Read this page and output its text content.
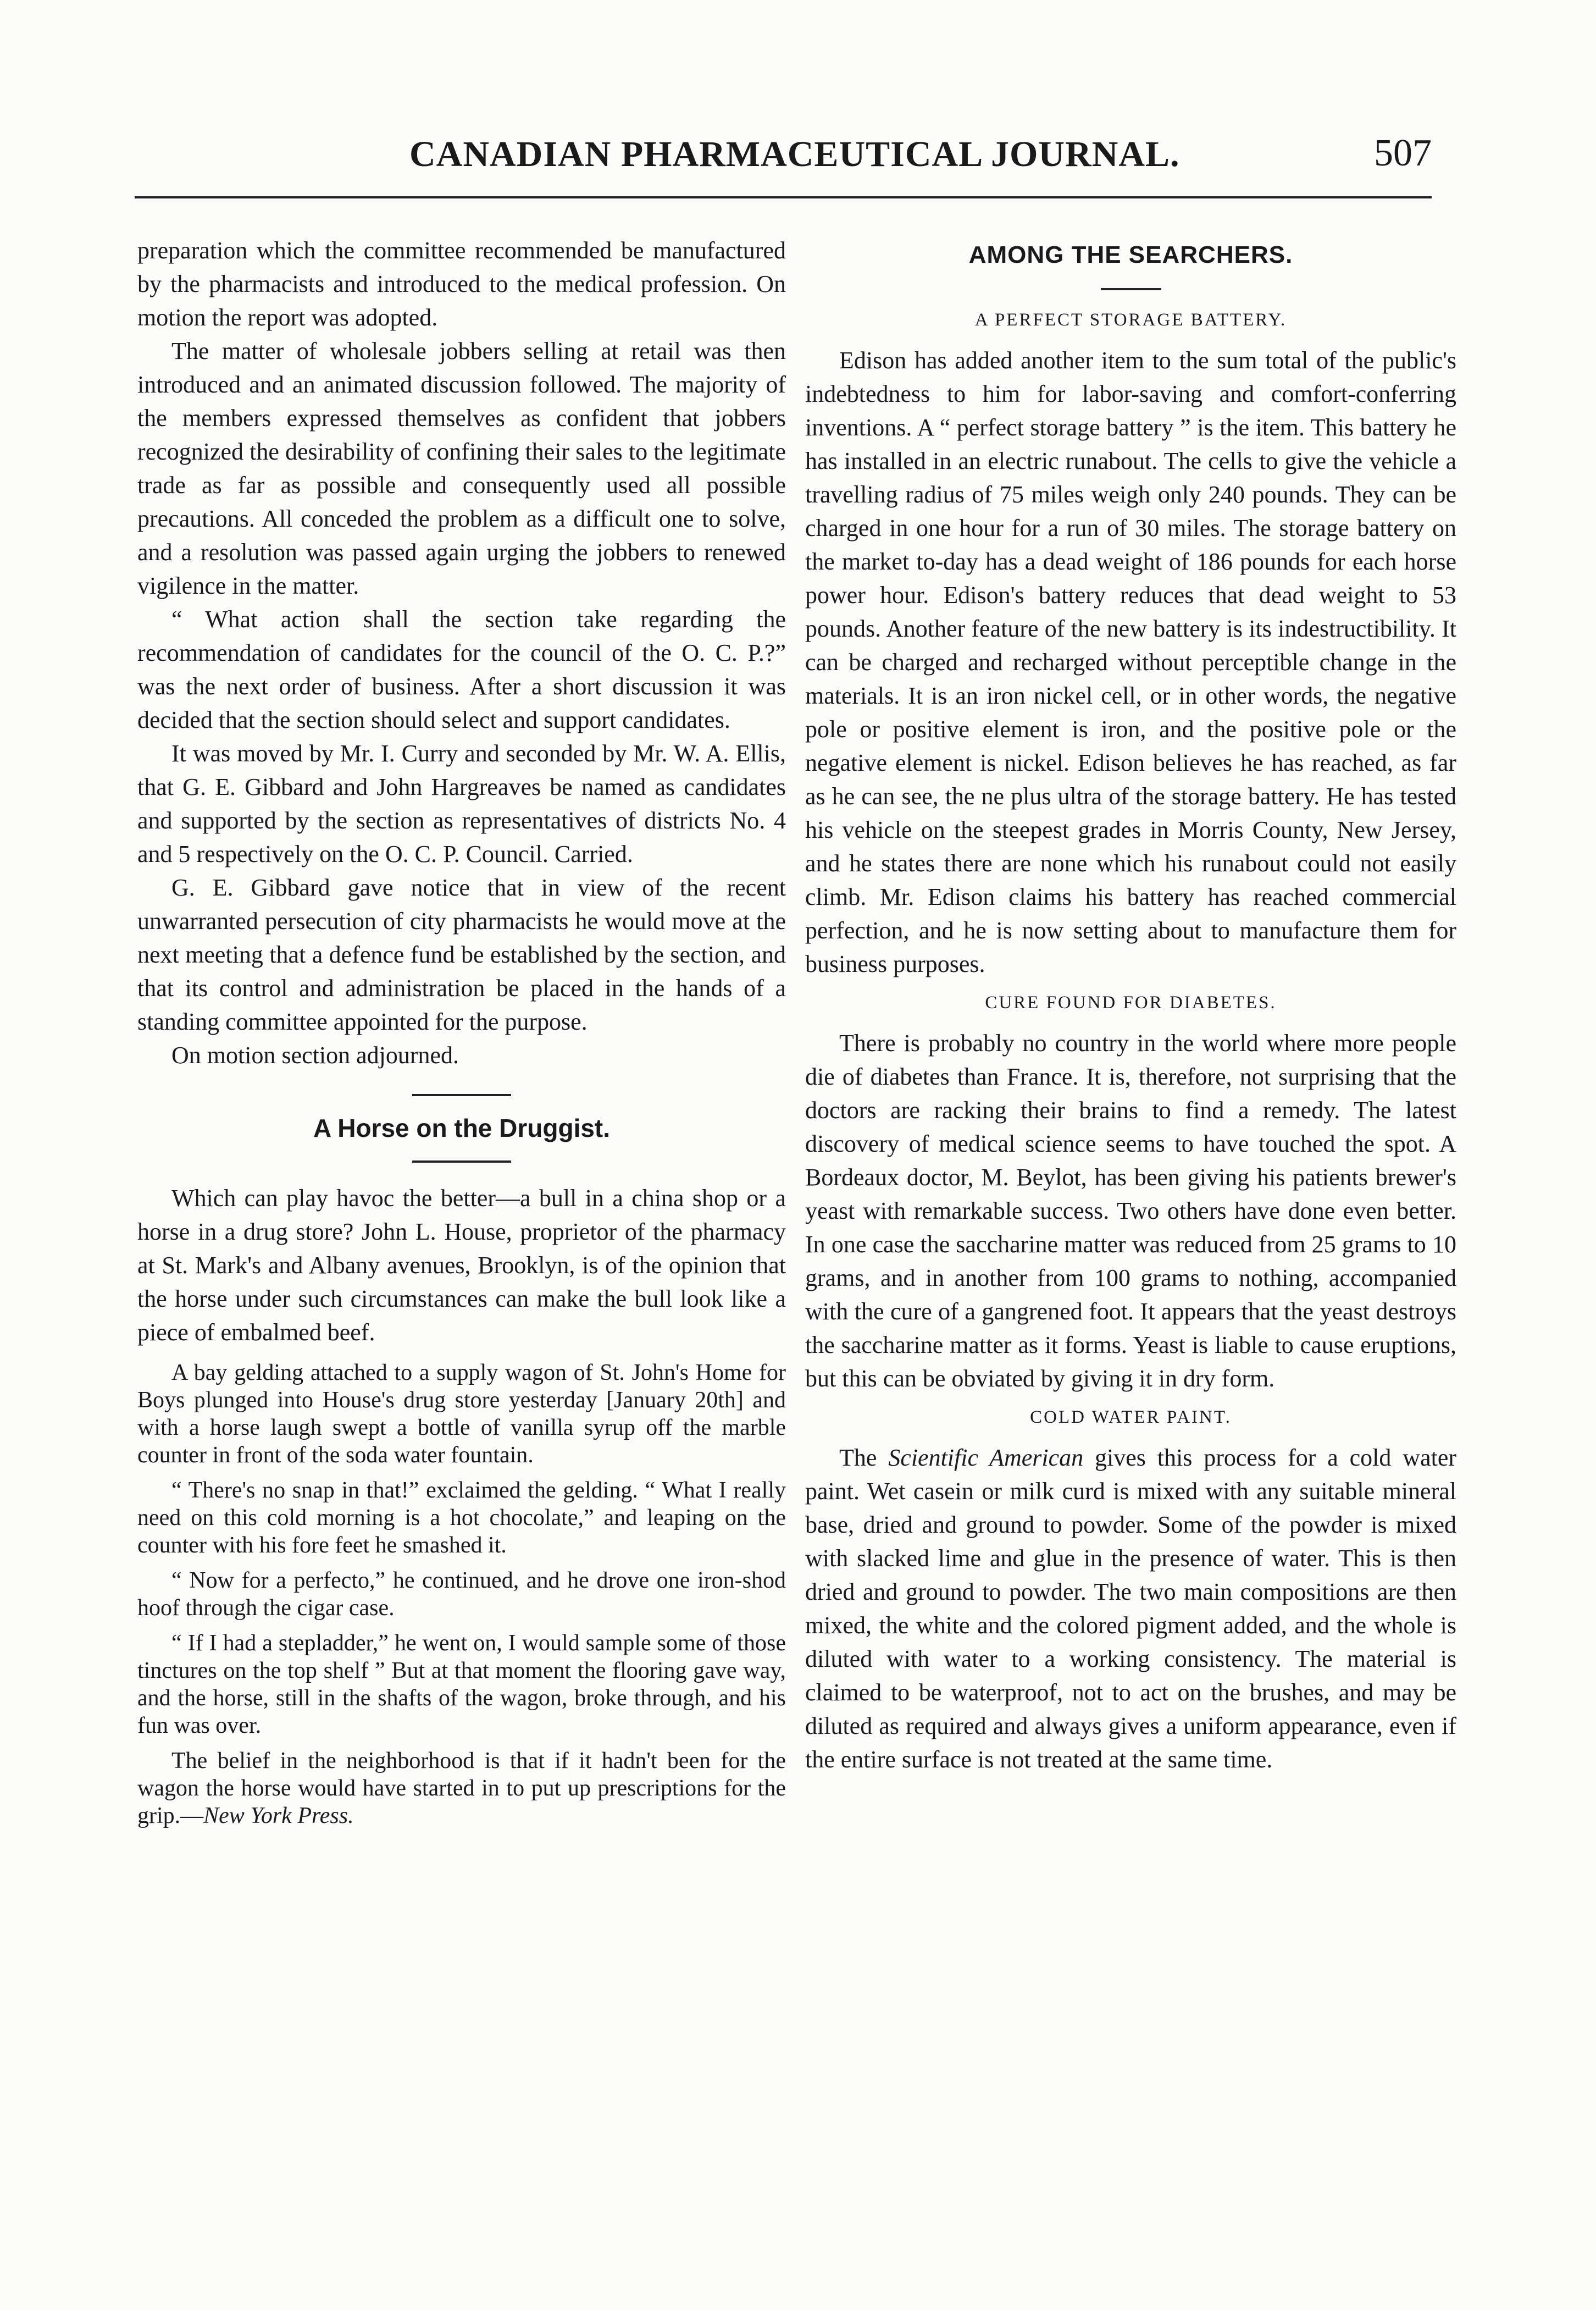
CANADIAN PHARMACEUTICAL JOURNAL.	507

preparation which the committee recommended be manufactured by the pharmacists and introduced to the medical profession. On motion the report was adopted.

The matter of wholesale jobbers selling at retail was then introduced and an animated discussion followed. The majority of the members expressed themselves as confident that jobbers recognized the desirability of confining their sales to the legitimate trade as far as possible and consequently used all possible precautions. All conceded the problem as a difficult one to solve, and a resolution was passed again urging the jobbers to renewed vigilence in the matter.

“ What action shall the section take regarding the recommendation of candidates for the council of the O. C. P.?” was the next order of business. After a short discussion it was decided that the section should select and support candidates.

It was moved by Mr. I. Curry and seconded by Mr. W. A. Ellis, that G. E. Gibbard and John Hargreaves be named as candidates and supported by the section as representatives of districts No. 4 and 5 respectively on the O. C. P. Council. Carried.

G. E. Gibbard gave notice that in view of the recent unwarranted persecution of city pharmacists he would move at the next meeting that a defence fund be established by the section, and that its control and administration be placed in the hands of a standing committee appointed for the purpose.

On motion section adjourned.

A Horse on the Druggist.

Which can play havoc the better—a bull in a china shop or a horse in a drug store? John L. House, proprietor of the pharmacy at St. Mark's and Albany avenues, Brooklyn, is of the opinion that the horse under such circumstances can make the bull look like a piece of embalmed beef.

A bay gelding attached to a supply wagon of St. John's Home for Boys plunged into House's drug store yesterday [January 20th] and with a horse laugh swept a bottle of vanilla syrup off the marble counter in front of the soda water fountain.

“ There's no snap in that!” exclaimed the gelding. “ What I really need on this cold morning is a hot chocolate,” and leaping on the counter with his fore feet he smashed it.

“ Now for a perfecto,” he continued, and he drove one iron-shod hoof through the cigar case.

“ If I had a stepladder,” he went on, I would sample some of those tinctures on the top shelf ” But at that moment the flooring gave way, and the horse, still in the shafts of the wagon, broke through, and his fun was over.

The belief in the neighborhood is that if it hadn't been for the wagon the horse would have started in to put up prescriptions for the grip.—New York Press.

AMONG THE SEARCHERS.
A PERFECT STORAGE BATTERY.

Edison has added another item to the sum total of the public's indebtedness to him for labor-saving and comfort-conferring inventions. A “ perfect storage battery ” is the item. This battery he has installed in an electric runabout. The cells to give the vehicle a travelling radius of 75 miles weigh only 240 pounds. They can be charged in one hour for a run of 30 miles. The storage battery on the market to-day has a dead weight of 186 pounds for each horse power hour. Edison's battery reduces that dead weight to 53 pounds. Another feature of the new battery is its indestructibility. It can be charged and recharged without perceptible change in the materials. It is an iron nickel cell, or in other words, the negative pole or positive element is iron, and the positive pole or the negative element is nickel. Edison believes he has reached, as far as he can see, the ne plus ultra of the storage battery. He has tested his vehicle on the steepest grades in Morris County, New Jersey, and he states there are none which his runabout could not easily climb. Mr. Edison claims his battery has reached commercial perfection, and he is now setting about to manufacture them for business purposes.

CURE FOUND FOR DIABETES.

There is probably no country in the world where more people die of diabetes than France. It is, therefore, not surprising that the doctors are racking their brains to find a remedy. The latest discovery of medical science seems to have touched the spot. A Bordeaux doctor, M. Beylot, has been giving his patients brewer's yeast with remarkable success. Two others have done even better. In one case the saccharine matter was reduced from 25 grams to 10 grams, and in another from 100 grams to nothing, accompanied with the cure of a gangrened foot. It appears that the yeast destroys the saccharine matter as it forms. Yeast is liable to cause eruptions, but this can be obviated by giving it in dry form.

COLD WATER PAINT.

The Scientific American gives this process for a cold water paint. Wet casein or milk curd is mixed with any suitable mineral base, dried and ground to powder. Some of the powder is mixed with slacked lime and glue in the presence of water. This is then dried and ground to powder. The two main compositions are then mixed, the white and the colored pigment added, and the whole is diluted with water to a working consistency. The material is claimed to be waterproof, not to act on the brushes, and may be diluted as required and always gives a uniform appearance, even if the entire surface is not treated at the same time.
